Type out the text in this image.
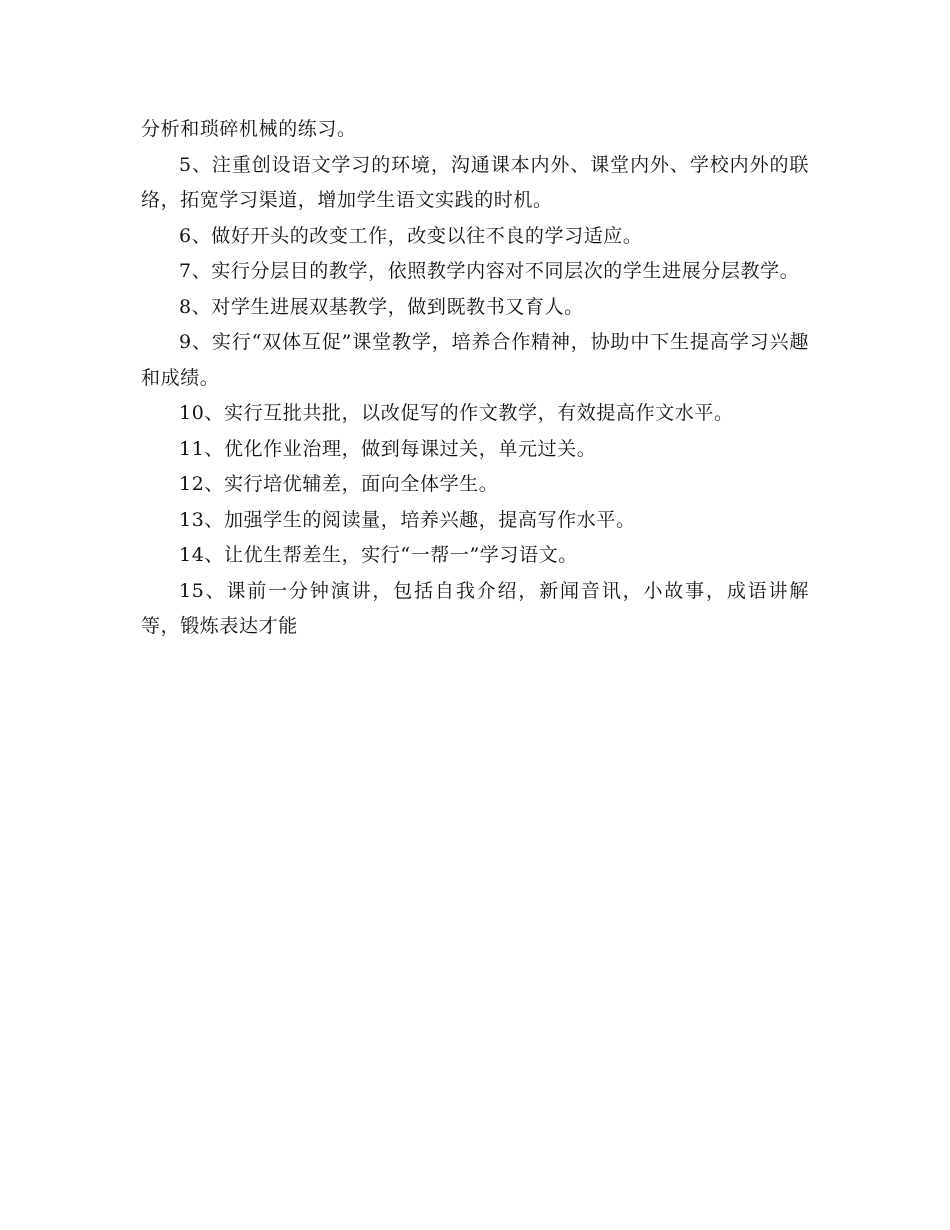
分析和琐碎机械的练习。

5、注重创设语文学习的环境，沟通课本内外、课堂内外、学校内外的联络，拓宽学习渠道，增加学生语文实践的时机。

6、做好开头的改变工作，改变以往不良的学习适应。

7、实行分层目的教学，依照教学内容对不同层次的学生进展分层教学。

8、对学生进展双基教学，做到既教书又育人。

9、实行“双体互促”课堂教学，培养合作精神，协助中下生提高学习兴趣和成绩。

10、实行互批共批，以改促写的作文教学，有效提高作文水平。

11、优化作业治理，做到每课过关，单元过关。

12、实行培优辅差，面向全体学生。

13、加强学生的阅读量，培养兴趣，提高写作水平。

14、让优生帮差生，实行“一帮一”学习语文。

15、课前一分钟演讲，包括自我介绍，新闻音讯，小故事，成语讲解等，锻炼表达才能
